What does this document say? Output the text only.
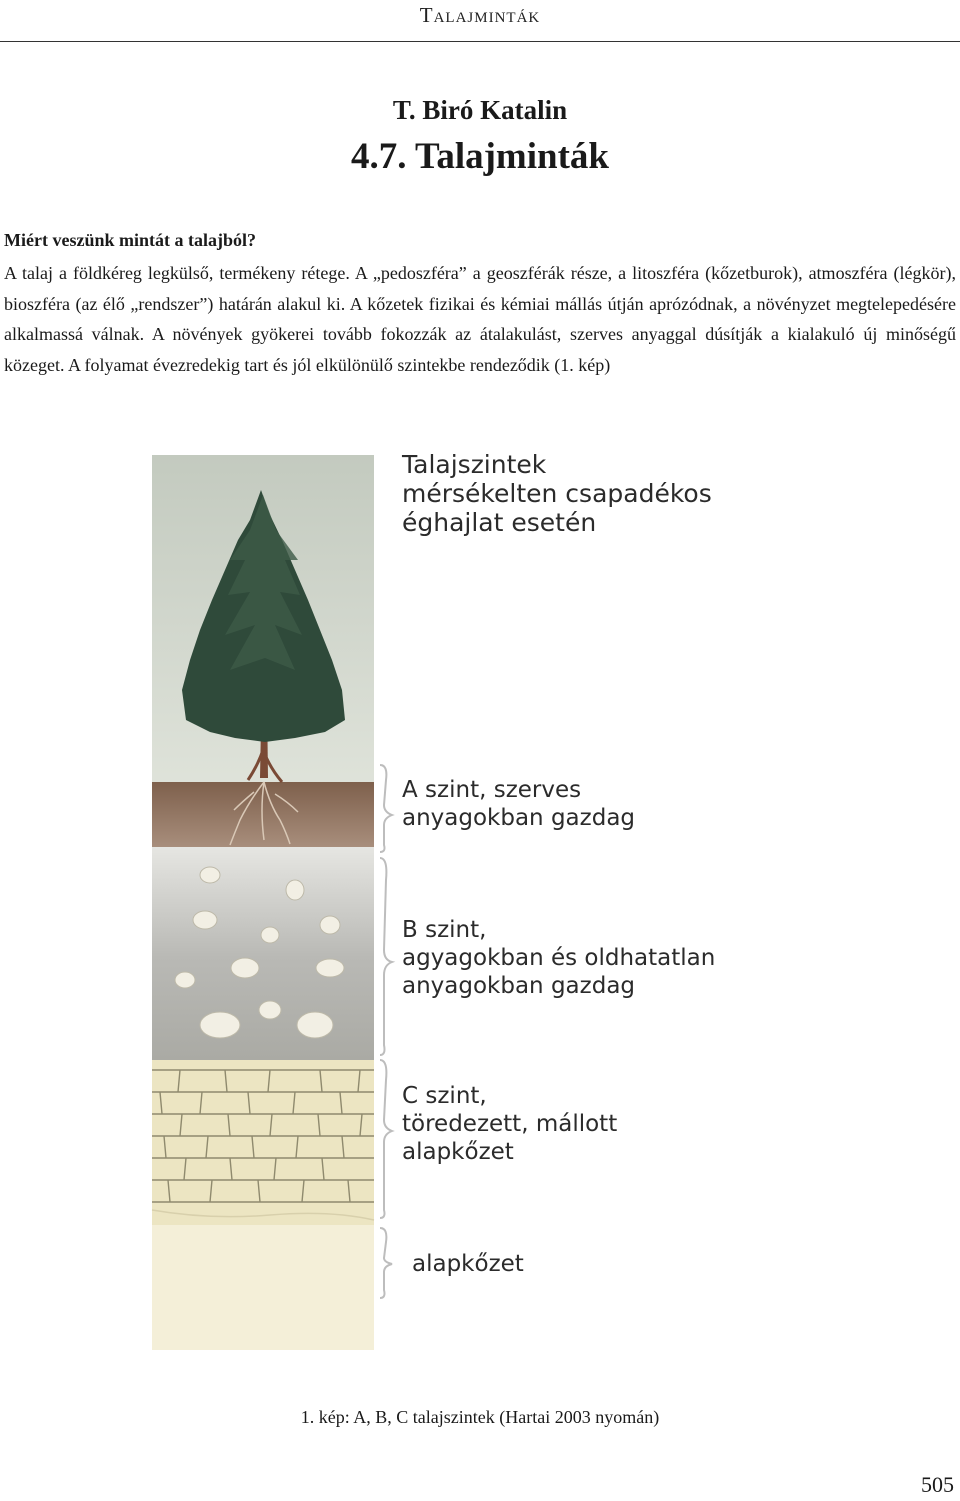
Talajminták
T. Biró Katalin
4.7. Talajminták
Miért veszünk mintát a talajból?

A talaj a földkéreg legkülső, termékeny rétege. A „pedoszféra” a geoszférák része, a litoszféra (kőzetburok), atmoszféra (légkör), bioszféra (az élő „rendszer”) határán alakul ki. A kőzetek fizikai és kémiai mállás útján aprózódnak, a növényzet megtelepedésére alkalmassá válnak. A növények gyökerei tovább fokozzák az átalakulást, szerves anyaggal dúsítják a kialakuló új minőségű közeget. A folyamat évezredekig tart és jól elkülönülő szintekbe rendeződik (1. kép)

Talajszintek
mérsékelten csapadékos
éghajlat esetén
A szint, szerves
anyagokban gazdag
B szint,
agyagokban és oldhatatlan
anyagokban gazdag
C szint,
töredezett, mállott
alapkőzet
alapkőzet
1. kép: A, B, C talajszintek (Hartai 2003 nyomán)
505
